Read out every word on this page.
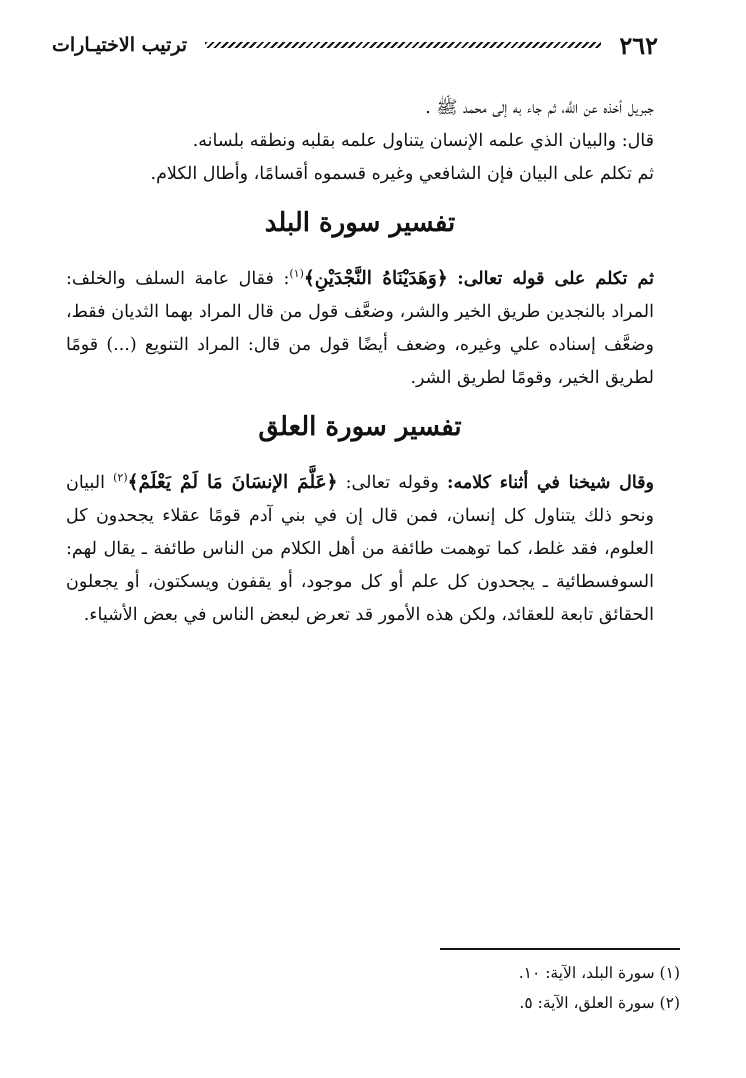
٢٦٢
ترتيب الاختيـارات

جبريل أخذه عن اللَّه، ثم جاء به إلى محمد ﷺ .

قال: والبيان الذي علمه الإنسان يتناول علمه بقلبه ونطقه بلسانه.

ثم تكلم على البيان فإن الشافعي وغيره قسموه أقسامًا، وأطال الكلام.

تفسير سورة البلد

ثم تكلم على قوله تعالى: ﴿وَهَدَيْنَاهُ النَّجْدَيْنِ﴾$^{(١)}$: فقال عامة السلف والخلف: المراد بالنجدين طريق الخير والشر، وضعَّف قول من قال المراد بهما الثديان فقط، وضعَّف إسناده علي وغيره، وضعف أيضًا قول من قال: المراد التنويع (...) قومًا لطريق الخير، وقومًا لطريق الشر.

تفسير سورة العلق

وقال شيخنا في أثناء كلامه: وقوله تعالى: ﴿عَلَّمَ الإنسَانَ مَا لَمْ يَعْلَمْ﴾$^{(٢)}$ البيان ونحو ذلك يتناول كل إنسان، فمن قال إن في بني آدم قومًا عقلاء يجحدون كل العلوم، فقد غلط، كما توهمت طائفة من أهل الكلام من الناس طائفة ـ يقال لهم: السوفسطائية ـ يجحدون كل علم أو كل موجود، أو يقفون ويسكتون، أو يجعلون الحقائق تابعة للعقائد، ولكن هذه الأمور قد تعرض لبعض الناس في بعض الأشياء.

(١) سورة البلد، الآية: ١٠.
(٢) سورة العلق، الآية: ٥.
